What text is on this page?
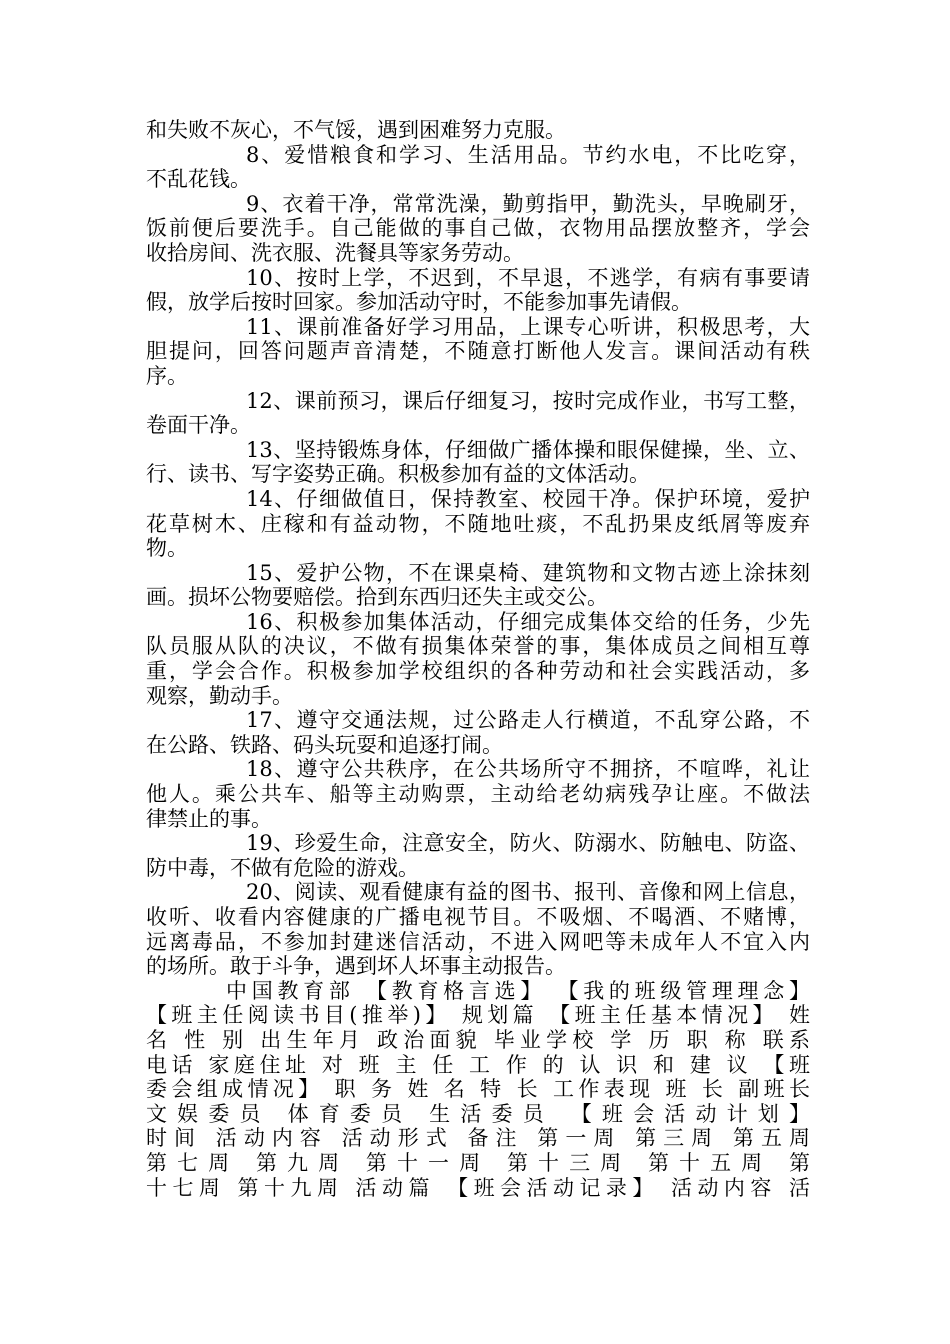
和失败不灰心，不气馁，遇到困难努力克服。
8、爱惜粮食和学习、生活用品。节约水电，不比吃穿，
不乱花钱。
9、衣着干净，常常洗澡，勤剪指甲，勤洗头，早晚刷牙，
饭前便后要洗手。自己能做的事自己做，衣物用品摆放整齐，学会
收拾房间、洗衣服、洗餐具等家务劳动。
10、按时上学，不迟到，不早退，不逃学，有病有事要请
假，放学后按时回家。参加活动守时，不能参加事先请假。
11、课前准备好学习用品，上课专心听讲，积极思考，大
胆提问，回答问题声音清楚，不随意打断他人发言。课间活动有秩
序。
12、课前预习，课后仔细复习，按时完成作业，书写工整，
卷面干净。
13、坚持锻炼身体，仔细做广播体操和眼保健操，坐、立、
行、读书、写字姿势正确。积极参加有益的文体活动。
14、仔细做值日，保持教室、校园干净。保护环境，爱护
花草树木、庄稼和有益动物，不随地吐痰，不乱扔果皮纸屑等废弃
物。
15、爱护公物，不在课桌椅、建筑物和文物古迹上涂抹刻
画。损坏公物要赔偿。拾到东西归还失主或交公。
16、积极参加集体活动，仔细完成集体交给的任务，少先
队员服从队的决议，不做有损集体荣誉的事，集体成员之间相互尊
重，学会合作。积极参加学校组织的各种劳动和社会实践活动，多
观察，勤动手。
17、遵守交通法规，过公路走人行横道，不乱穿公路，不
在公路、铁路、码头玩耍和追逐打闹。
18、遵守公共秩序，在公共场所守不拥挤，不喧哗，礼让
他人。乘公共车、船等主动购票，主动给老幼病残孕让座。不做法
律禁止的事。
19、珍爱生命，注意安全，防火、防溺水、防触电、防盗、
防中毒，不做有危险的游戏。
20、阅读、观看健康有益的图书、报刊、音像和网上信息，
收听、收看内容健康的广播电视节目。不吸烟、不喝酒、不赌博，
远离毒品，不参加封建迷信活动，不进入网吧等未成年人不宜入内
的场所。敢于斗争，遇到坏人坏事主动报告。
中国教育部 【教育格言选】 【我的班级管理理念】
【班主任阅读书目(推举)】 规划篇 【班主任基本情况】 姓
名 性 别 出生年月 政治面貌 毕业学校 学 历 职 称 联系
电话 家庭住址 对 班 主 任 工 作 的 认 识 和 建 议 【班
委会组成情况】 职 务 姓 名 特 长 工作表现 班 长 副班长
文娱委员 体育委员 生活委员 【班会活动计划】
时间 活动内容 活动形式 备注 第一周 第三周 第五周
第七周 第九周 第十一周 第十三周 第十五周 第
十七周 第十九周 活动篇 【班会活动记录】 活动内容 活
